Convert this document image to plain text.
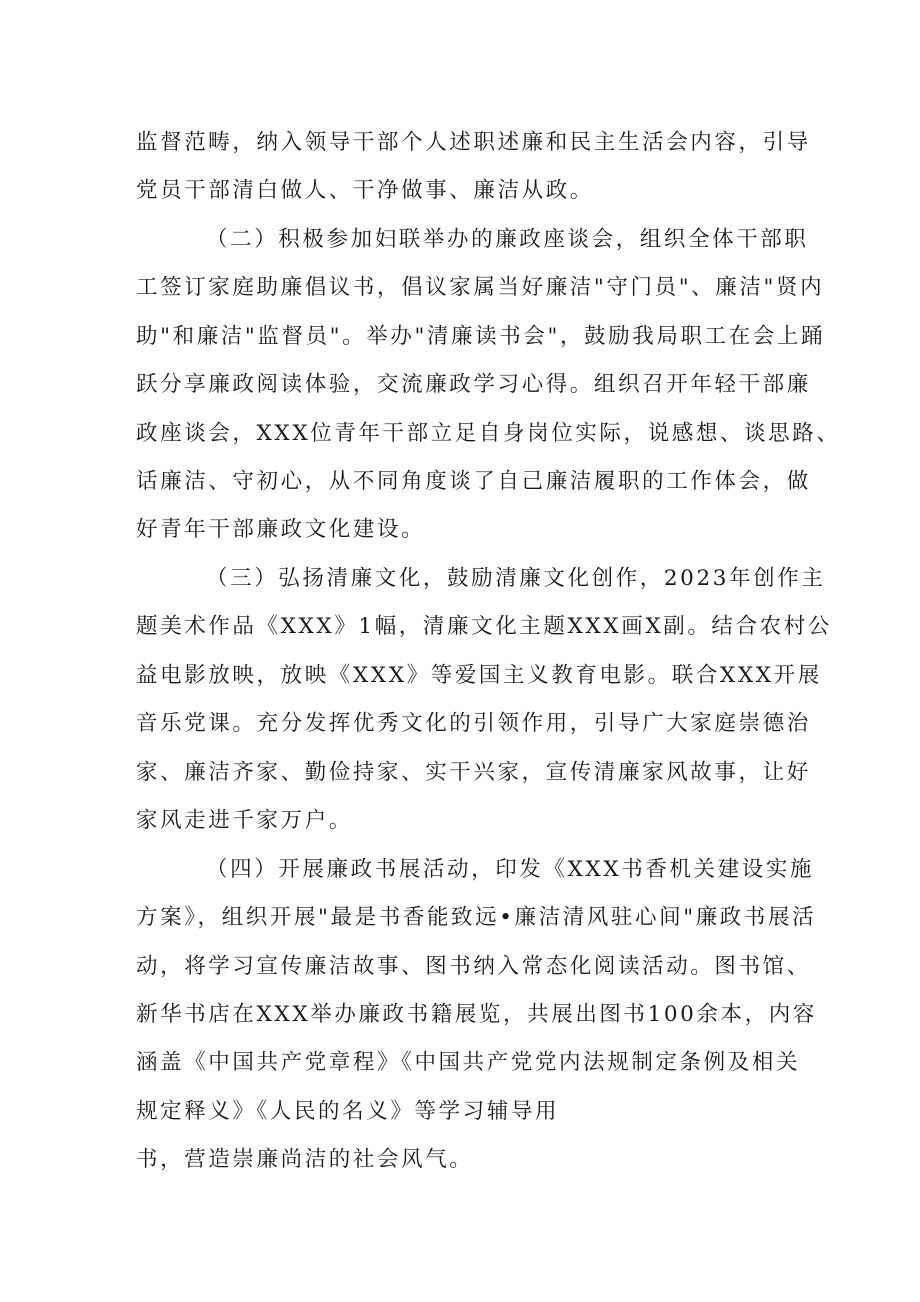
监督范畴，纳入领导干部个人述职述廉和民主生活会内容，引导
党员干部清白做人、干净做事、廉洁从政。
（二）积极参加妇联举办的廉政座谈会，组织全体干部职
工签订家庭助廉倡议书，倡议家属当好廉洁"守门员"、廉洁"贤内
助"和廉洁"监督员"。举办"清廉读书会"，鼓励我局职工在会上踊
跃分享廉政阅读体验，交流廉政学习心得。组织召开年轻干部廉
政座谈会，XXX位青年干部立足自身岗位实际，说感想、谈思路、
话廉洁、守初心，从不同角度谈了自己廉洁履职的工作体会，做
好青年干部廉政文化建设。
（三）弘扬清廉文化，鼓励清廉文化创作，2023年创作主
题美术作品《XXX》1幅，清廉文化主题XXX画X副。结合农村公
益电影放映，放映《XXX》等爱国主义教育电影。联合XXX开展
音乐党课。充分发挥优秀文化的引领作用，引导广大家庭崇德治
家、廉洁齐家、勤俭持家、实干兴家，宣传清廉家风故事，让好
家风走进千家万户。
（四）开展廉政书展活动，印发《XXX书香机关建设实施
方案》，组织开展"最是书香能致远•廉洁清风驻心间"廉政书展活
动，将学习宣传廉洁故事、图书纳入常态化阅读活动。图书馆、
新华书店在XXX举办廉政书籍展览，共展出图书100余本，内容
涵盖《中国共产党章程》《中国共产党党内法规制定条例及相关
规定释义》《人民的名义》等学习辅导用
书，营造崇廉尚洁的社会风气。
